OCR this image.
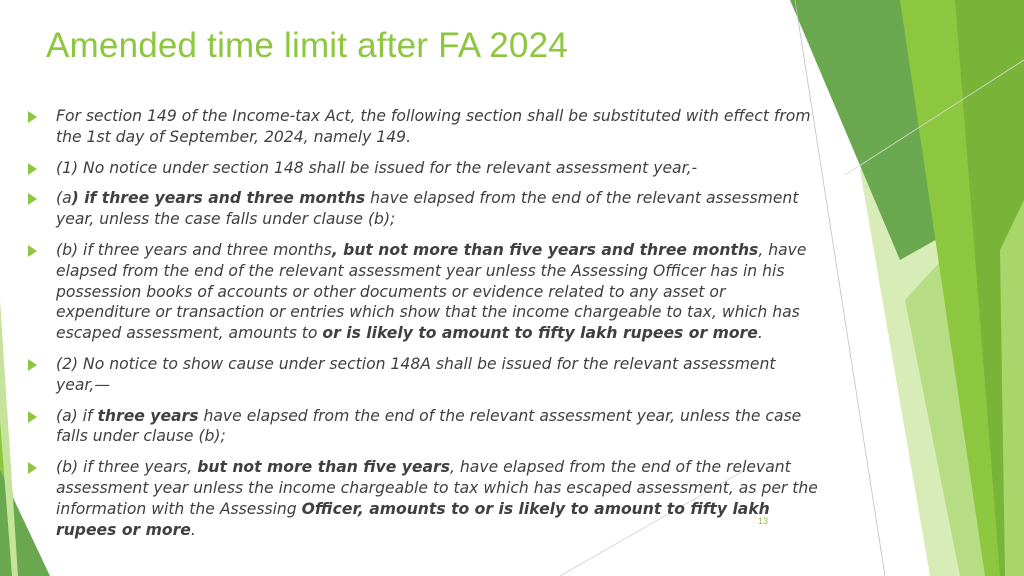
Amended time limit after FA 2024
For section 149 of the Income-tax Act, the following section shall be substituted with effect from the 1st day of September, 2024, namely 149.
(1) No notice under section 148 shall be issued for the relevant assessment year,-
(a) if three years and three months have elapsed from the end of the relevant assessment year, unless the case falls under clause (b);
(b) if three years and three months, but not more than five years and three months, have elapsed from the end of the relevant assessment year unless the Assessing Officer has in his possession books of accounts or other documents or evidence related to any asset or expenditure or transaction or entries which show that the income chargeable to tax, which has escaped assessment, amounts to or is likely to amount to fifty lakh rupees or more.
(2) No notice to show cause under section 148A shall be issued for the relevant assessment year,—
(a) if three years have elapsed from the end of the relevant assessment year, unless the case falls under clause (b);
(b) if three years, but not more than five years, have elapsed from the end of the relevant assessment year unless the income chargeable to tax which has escaped assessment, as per the information with the Assessing Officer, amounts to or is likely to amount to fifty lakh rupees or more.	13
